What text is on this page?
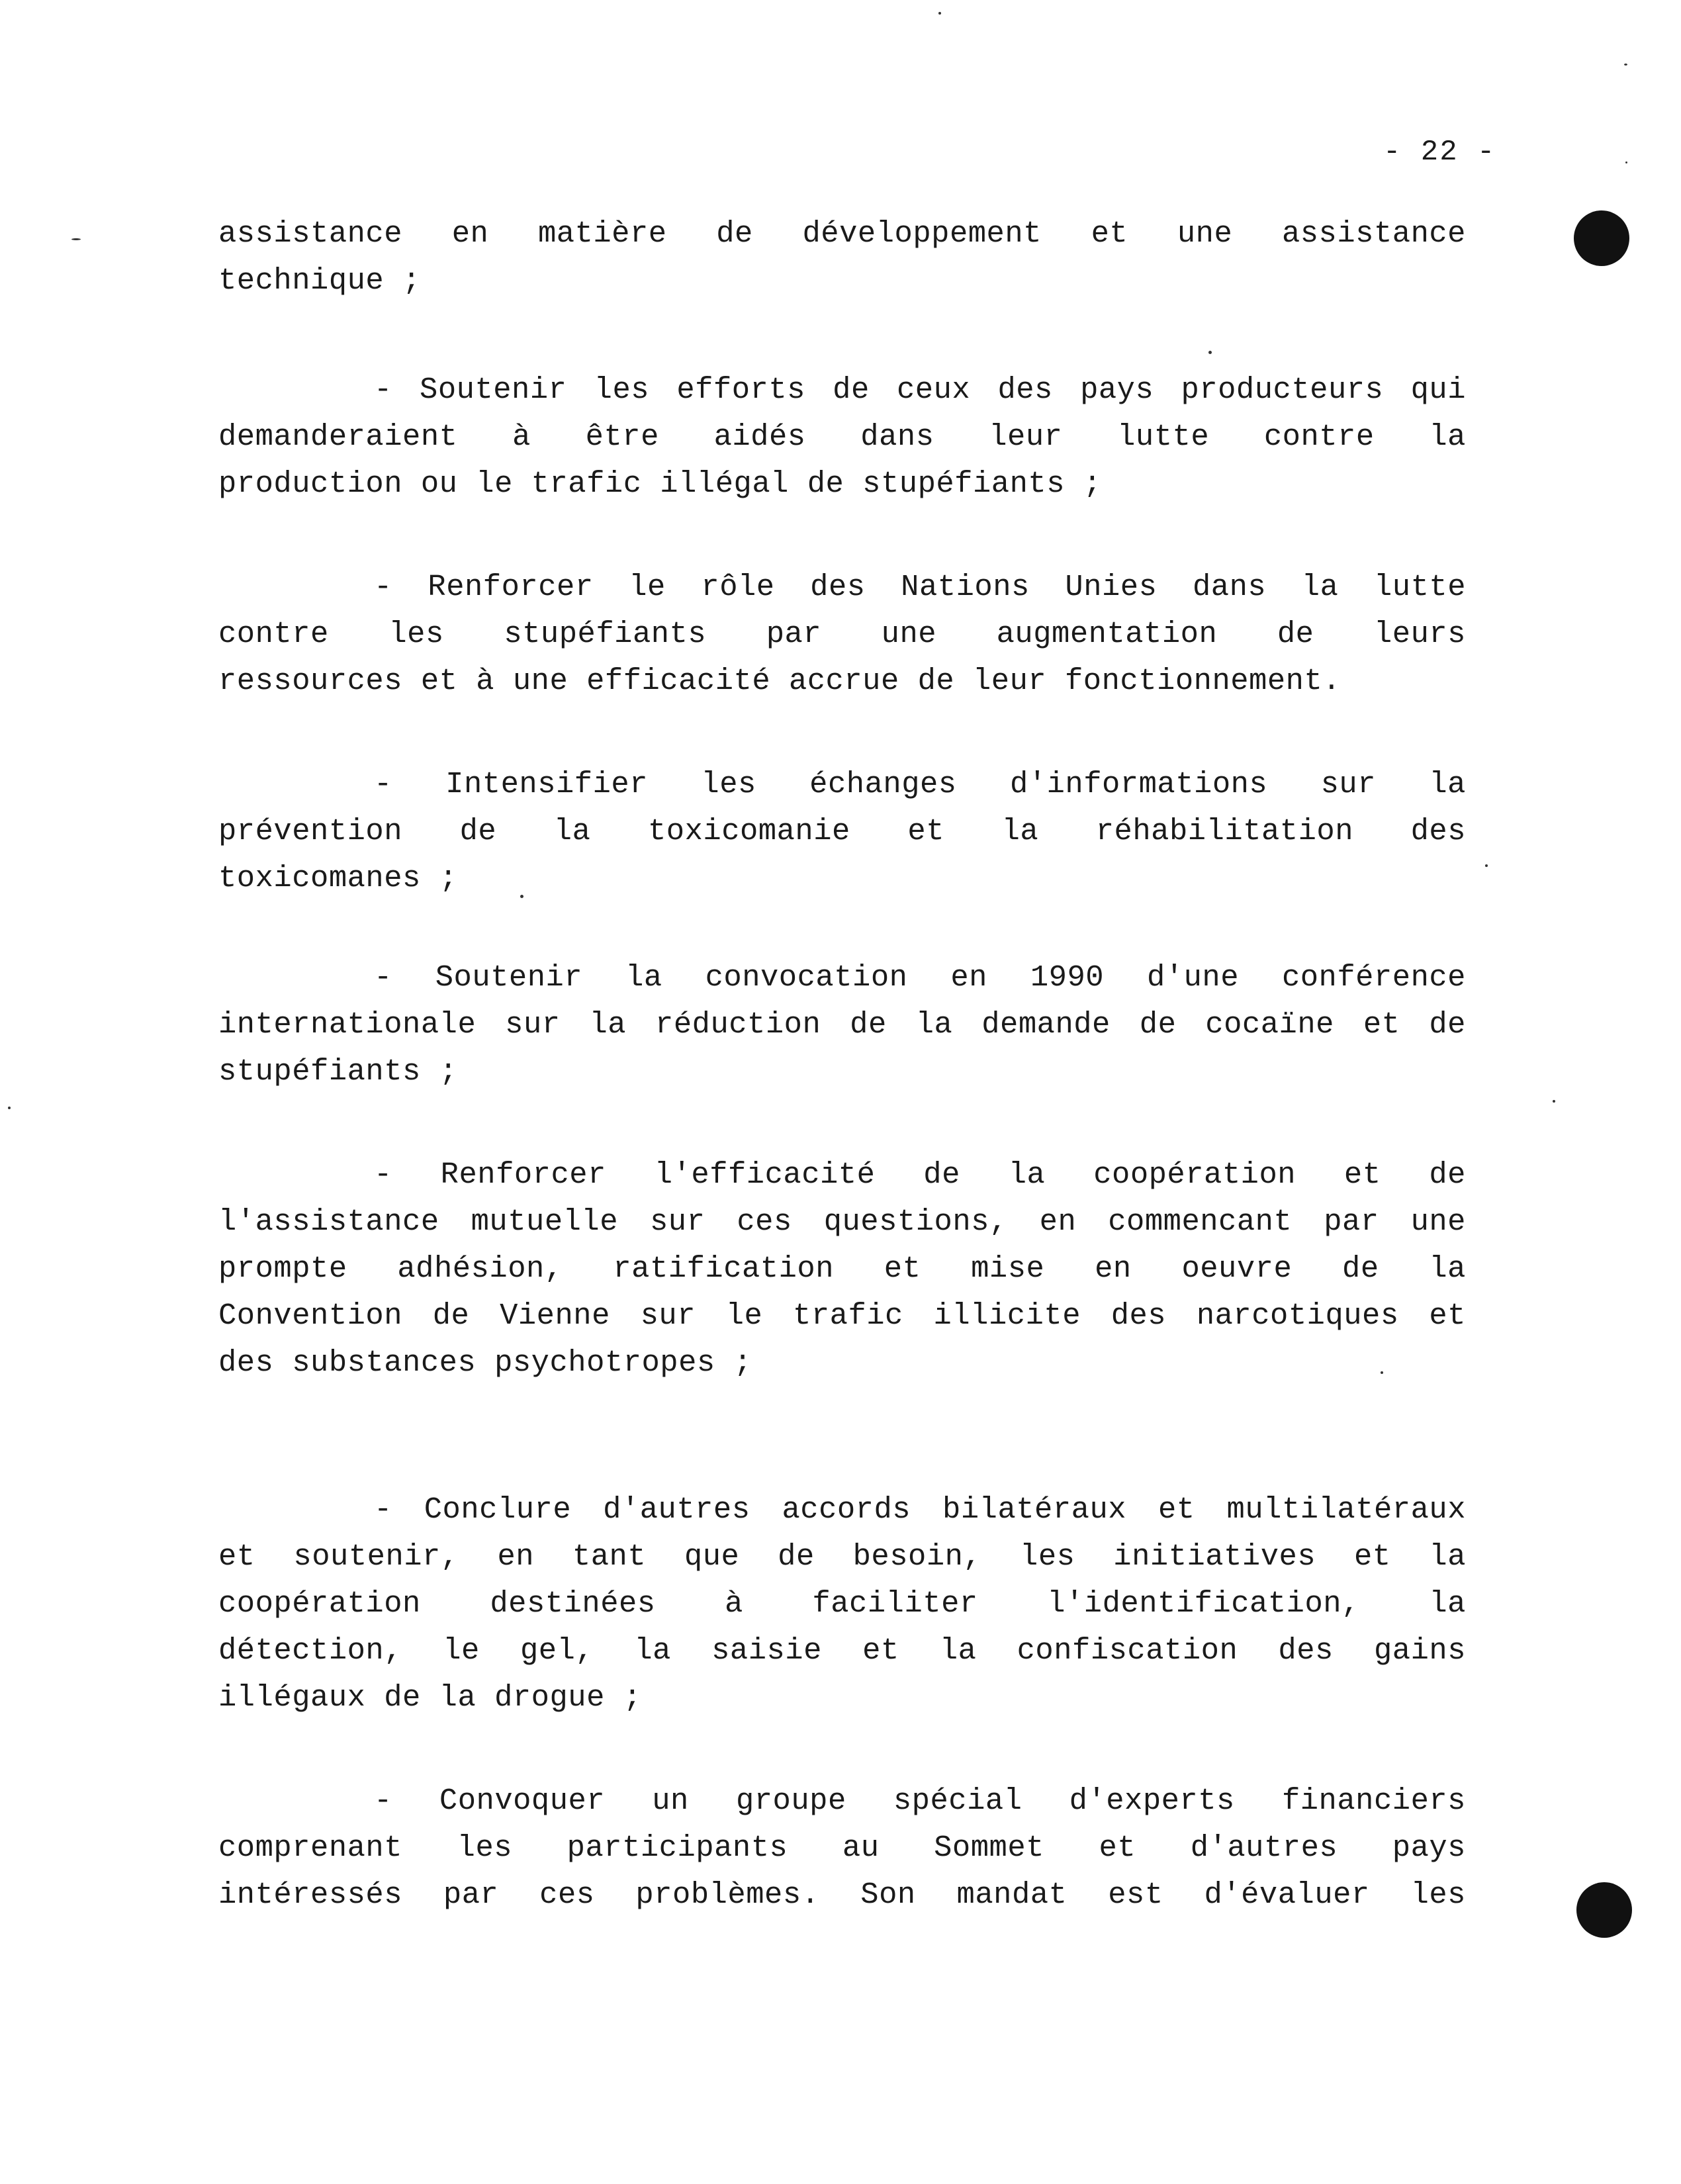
- 22 -
assistance en matière de développement et une assistance
technique ;
- Soutenir les efforts de ceux des pays producteurs qui
demanderaient à être aidés dans leur lutte contre la
production ou le trafic illégal de stupéfiants ;
- Renforcer le rôle des Nations Unies dans la lutte
contre les stupéfiants par une augmentation de leurs
ressources et à une efficacité accrue de leur fonctionnement.
- Intensifier les échanges d'informations sur la
prévention de la toxicomanie et la réhabilitation des
toxicomanes ;
- Soutenir la convocation en 1990 d'une conférence
internationale sur la réduction de la demande de cocaïne et de
stupéfiants ;
- Renforcer l'efficacité de la coopération et de
l'assistance mutuelle sur ces questions, en commencant par une
prompte adhésion, ratification et mise en oeuvre de la
Convention de Vienne sur le trafic illicite des narcotiques et
des substances psychotropes ;
- Conclure d'autres accords bilatéraux et multilatéraux
et soutenir, en tant que de besoin, les initiatives et la
coopération destinées à faciliter l'identification, la
détection, le gel, la saisie et la confiscation des gains
illégaux de la drogue ;
- Convoquer un groupe spécial d'experts financiers
comprenant les participants au Sommet et d'autres pays
intéressés par ces problèmes. Son mandat est d'évaluer les
